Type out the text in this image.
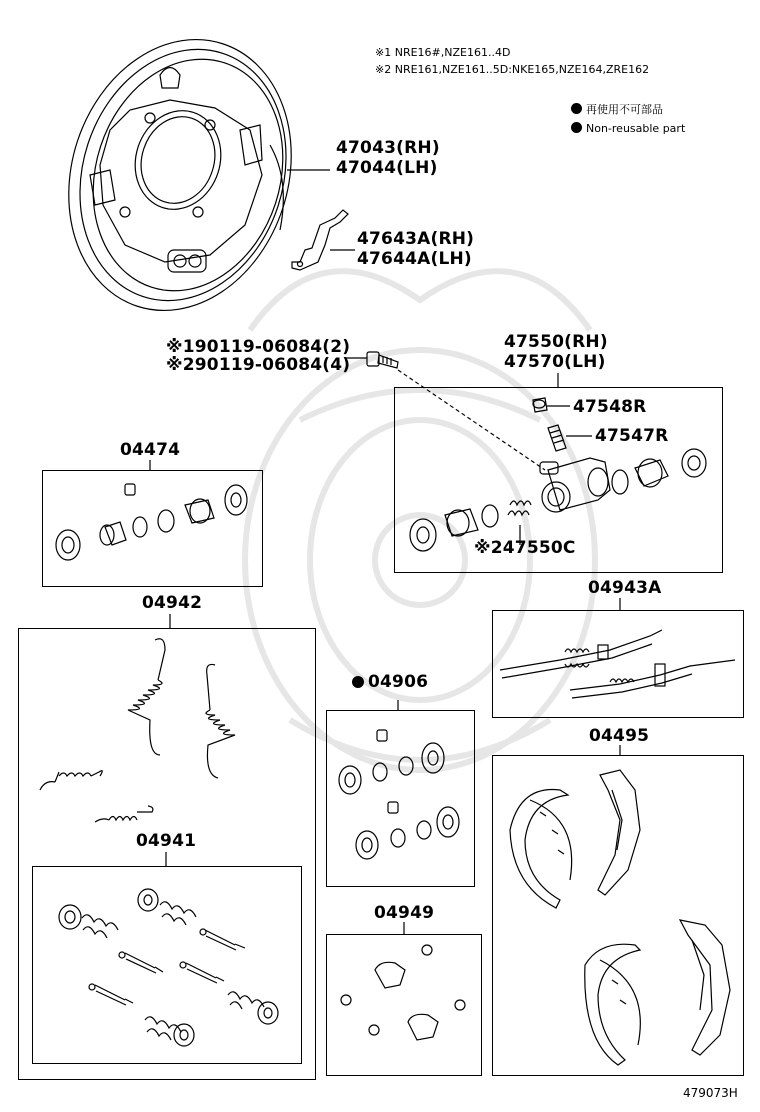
※1 NRE16#,NZE161..4D
※2 NRE161,NZE161..5D:NKE165,NZE164,ZRE162
再使用不可部品
Non-reusable part
47043(RH)
47044(LH)
47643A(RH)
47644A(LH)
※190119-06084(2)
※290119-06084(4)
47550(RH)
47570(LH)
47548R
47547R
※247550C
04474
04942
04941
04906
04943A
04495
04949
479073H
